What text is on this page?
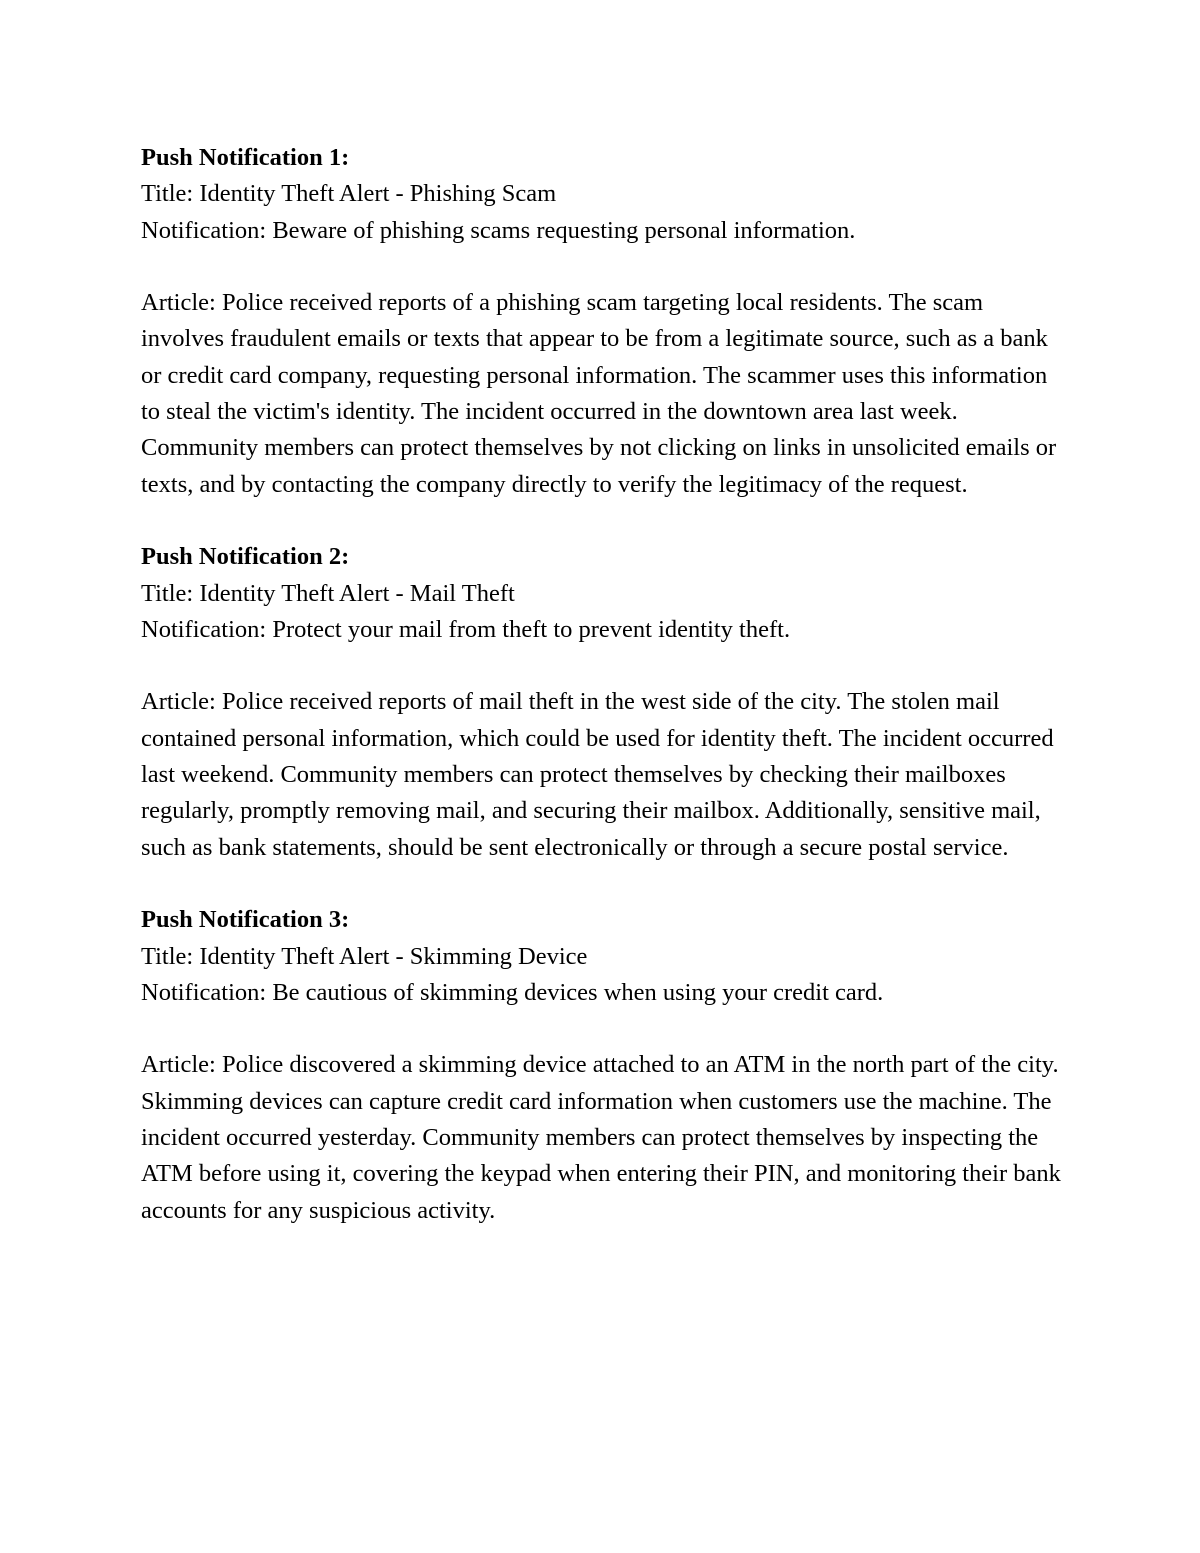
Push Notification 1:

Title: Identity Theft Alert - Phishing Scam

Notification: Beware of phishing scams requesting personal information.

Article: Police received reports of a phishing scam targeting local residents. The scam involves fraudulent emails or texts that appear to be from a legitimate source, such as a bank or credit card company, requesting personal information. The scammer uses this information to steal the victim's identity. The incident occurred in the downtown area last week. Community members can protect themselves by not clicking on links in unsolicited emails or texts, and by contacting the company directly to verify the legitimacy of the request.

Push Notification 2:

Title: Identity Theft Alert - Mail Theft

Notification: Protect your mail from theft to prevent identity theft.

Article: Police received reports of mail theft in the west side of the city. The stolen mail contained personal information, which could be used for identity theft. The incident occurred last weekend. Community members can protect themselves by checking their mailboxes regularly, promptly removing mail, and securing their mailbox. Additionally, sensitive mail, such as bank statements, should be sent electronically or through a secure postal service.

Push Notification 3:

Title: Identity Theft Alert - Skimming Device

Notification: Be cautious of skimming devices when using your credit card.

Article: Police discovered a skimming device attached to an ATM in the north part of the city. Skimming devices can capture credit card information when customers use the machine. The incident occurred yesterday. Community members can protect themselves by inspecting the ATM before using it, covering the keypad when entering their PIN, and monitoring their bank accounts for any suspicious activity.
